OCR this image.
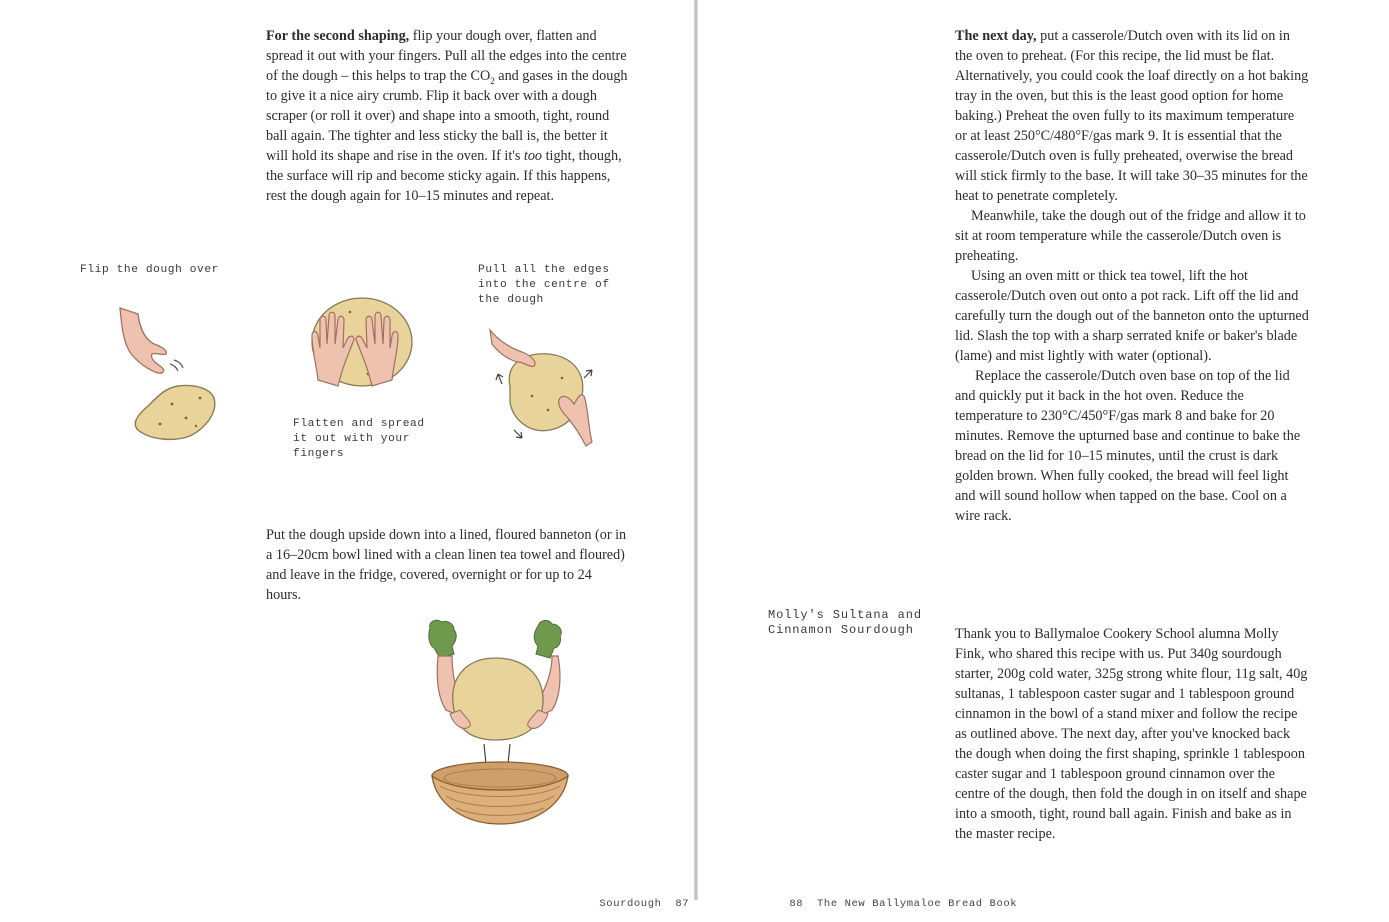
For the second shaping, flip your dough over, flatten and spread it out with your fingers. Pull all the edges into the centre of the dough – this helps to trap the $CO_2$ and gases in the dough to give it a nice airy crumb. Flip it back over with a dough scraper (or roll it over) and shape into a smooth, tight, round ball again. The tighter and less sticky the ball is, the better it will hold its shape and rise in the oven. If it's too tight, though, the surface will rip and become sticky again. If this happens, rest the dough again for 10–15 minutes and repeat.

Flip the dough over
Flatten and spread
it out with your
fingers
Pull all the edges
into the centre of
the dough
Put the dough upside down into a lined, floured banneton (or in a 16–20cm bowl lined with a clean linen tea towel and floured) and leave in the fridge, covered, overnight or for up to 24 hours.

Sourdough 87

The next day, put a casserole/Dutch oven with its lid on in the oven to preheat. (For this recipe, the lid must be flat. Alternatively, you could cook the loaf directly on a hot baking tray in the oven, but this is the least good option for home baking.) Preheat the oven fully to its maximum temperature or at least 250°C/480°F/gas mark 9. It is essential that the casserole/Dutch oven is fully preheated, overwise the bread will stick firmly to the base. It will take 30–35 minutes for the heat to penetrate completely.

Meanwhile, take the dough out of the fridge and allow it to sit at room temperature while the casserole/Dutch oven is preheating.

Using an oven mitt or thick tea towel, lift the hot casserole/Dutch oven out onto a pot rack. Lift off the lid and carefully turn the dough out of the banneton onto the upturned lid. Slash the top with a sharp serrated knife or baker's blade (lame) and mist lightly with water (optional).

Replace the casserole/Dutch oven base on top of the lid and quickly put it back in the hot oven. Reduce the temperature to 230°C/450°F/gas mark 8 and bake for 20 minutes. Remove the upturned base and continue to bake the bread on the lid for 10–15 minutes, until the crust is dark golden brown. When fully cooked, the bread will feel light and will sound hollow when tapped on the base. Cool on a wire rack.

Molly's Sultana and
Cinnamon Sourdough	Thank you to Ballymaloe Cookery School alumna Molly Fink, who shared this recipe with us. Put 340g sourdough starter, 200g cold water, 325g strong white flour, 11g salt, 40g sultanas, 1 tablespoon caster sugar and 1 tablespoon ground cinnamon in the bowl of a stand mixer and follow the recipe as outlined above. The next day, after you've knocked back the dough when doing the first shaping, sprinkle 1 tablespoon caster sugar and 1 tablespoon ground cinnamon over the centre of the dough, then fold the dough in on itself and shape into a smooth, tight, round ball again. Finish and bake as in the master recipe.

88 The New Ballymaloe Bread Book
